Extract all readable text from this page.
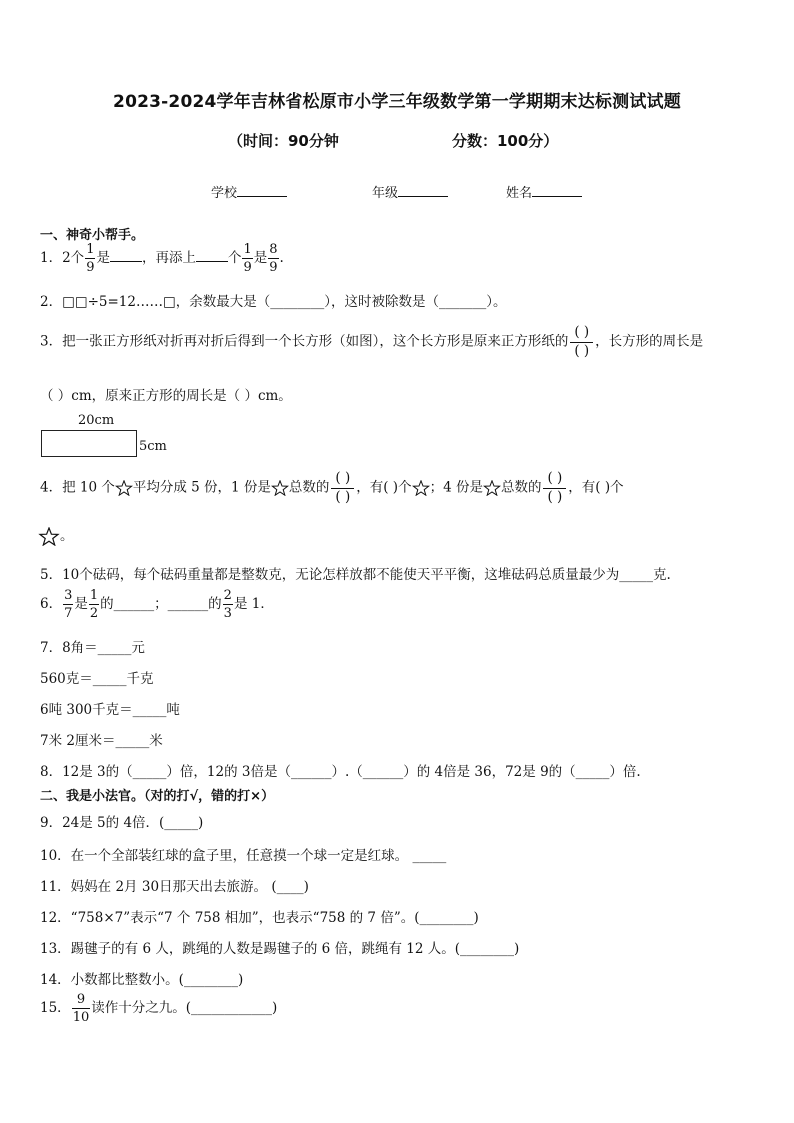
2023-2024学年吉林省松原市小学三年级数学第一学期期末达标测试试题
（时间：90分钟	分数：100分）
学校	年级	姓名
一、神奇小帮手。
1．2个 $\frac{1}{9}$ 是 ，再添上 个 $\frac{1}{9}$ 是 $\frac{8}{9}$ .
2．□□÷5=12……□，余数最大是（________），这时被除数是（_______）。
3．把一张正方形纸对折再对折后得到一个长方形（如图），这个长方形是原来正方形纸的
( )
( )
，长方形的周长是
（ ）cm，原来正方形的周长是（ ）cm。
20cm
5cm
4．把 10 个 平均分成 5 份，1 份是 总数的
( )
( )
，有( )个 ；4 份是 总数的
( )
( )
，有( )个
。
5．10个砝码，每个砝码重量都是整数克，无论怎样放都不能使天平平衡，这堆砝码总质量最少为_____克.
6． $\frac{3}{7}$ 是 $\frac{1}{2}$ 的______；______的 $\frac{2}{3}$ 是 1．
7．8角＝_____元
560克＝_____千克
6吨 300千克＝_____吨
7米 2厘米＝_____米
8．12是 3的（_____）倍，12的 3倍是（______）.（______）的 4倍是 36，72是 9的（_____）倍.
二、我是小法官。（对的打√，错的打×）
9．24是 5的 4倍．(_____)
10．在一个全部装红球的盒子里，任意摸一个球一定是红球。 _____
11．妈妈在 2月 30日那天出去旅游。 (____)
12．“758×7”表示“7 个 758 相加”，也表示“758 的 7 倍”。(________)
13．踢毽子的有 6 人，跳绳的人数是踢毽子的 6 倍，跳绳有 12 人。(________)
14．小数都比整数小。(________)
15． $\frac{9}{10}$ 读作十分之九。(____________)
